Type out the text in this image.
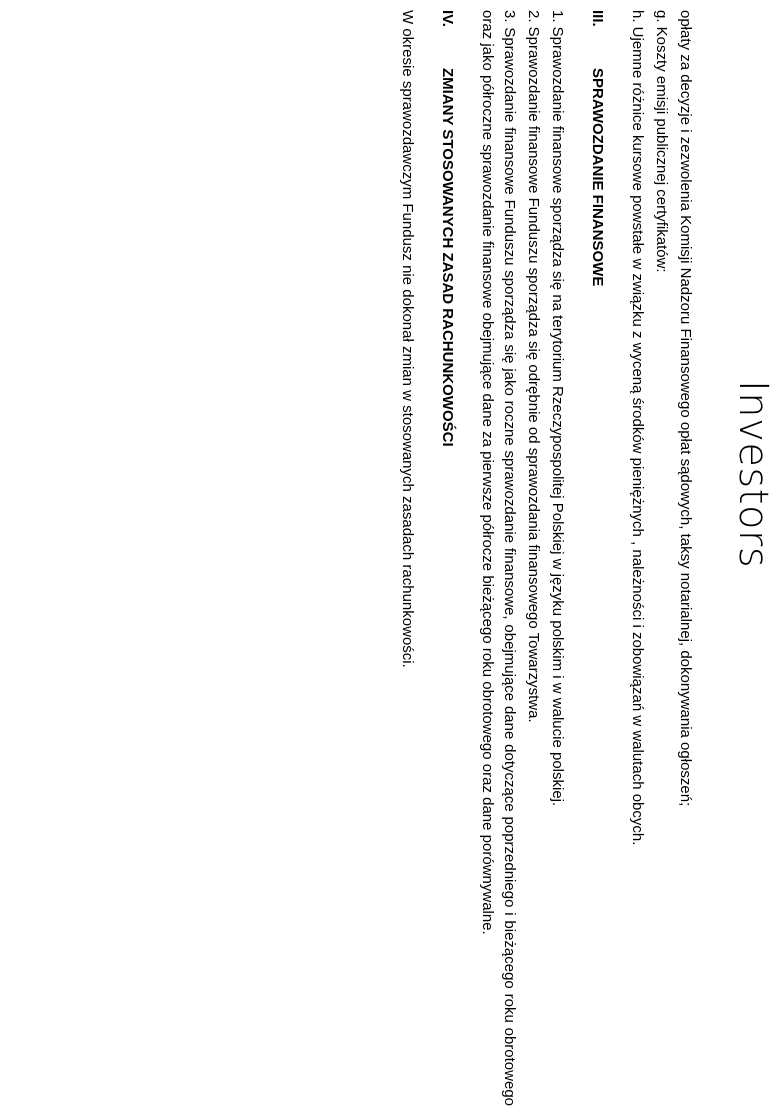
Investors

opłaty za decyzje i zezwolenia Komisji Nadzoru Finansowego opłat sądowych, taksy notarialnej, dokonywania ogłoszeń;

g. Koszty emisji publicznej certyfikatów:

h. Ujemne różnice kursowe powstałe w związku z wyceną środków pieniężnych , należności i zobowiązań w walutach obcych.

III.
SPRAWOZDANIE FINANSOWE

1. Sprawozdanie finansowe sporządza się na terytorium Rzeczypospolitej Polskiej w języku polskim i w walucie polskiej.

2. Sprawozdanie finansowe Funduszu sporządza się odrębnie od sprawozdania finansowego Towarzystwa.

3. Sprawozdanie finansowe Funduszu sporządza się jako roczne sprawozdanie finansowe, obejmujące dane dotyczące poprzedniego i bieżącego roku obrotowego oraz jako półroczne sprawozdanie finansowe obejmujące dane za pierwsze półrocze bieżącego roku obrotowego oraz dane porównywalne.

IV.
ZMIANY STOSOWANYCH ZASAD RACHUNKOWOŚCI

W okresie sprawozdawczym Fundusz nie dokonał zmian w stosowanych zasadach rachunkowości.
